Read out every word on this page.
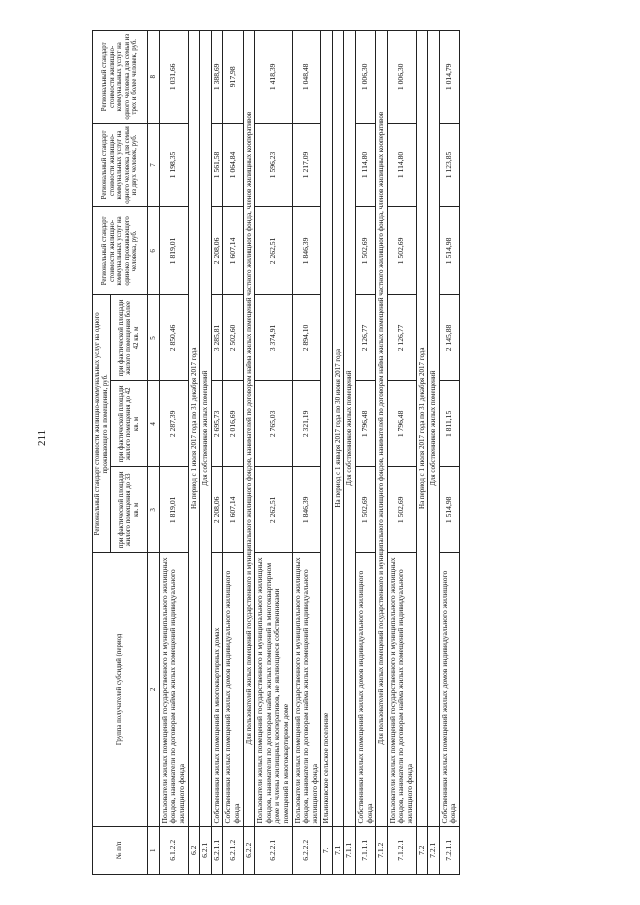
211
№ п/п	Группа получателей субсидий (период	Региональный стандарт стоимости жилищно-коммунальных услуг на одного проживающего в помещении, руб.			Региональный стандарт стоимости жилищно-коммунальных услуг на одиноко проживающего человека, руб.	Региональный стандарт стоимости жилищно-коммунальных услуг на одного человека для семьи из двух человек, руб.	Региональный стандарт стоимости жилищно-коммунальных услуг на одного человека для семьи из трех и более человек, руб.
		при фактической площади жилого помещения до 33 кв. м	при фактической площади жилого помещения до 42 кв. м	при фактической площади жилого помещения более 42 кв. м			
1	2	3	4	5	6	7	8
6.1.2.2	Пользователи жилых помещений государственного и муниципального жилищных фондов, наниматели по договорам найма жилых помещений индивидуального жилищного фонда	1 819,01	2 287,39	2 850,46	1 819,01	1 198,35	1 031,66
6.2	На период с 1 июля 2017 года по 31 декабря 2017 года						
6.2.1	Для собственников жилых помещений						
6.2.1.1	Собственники жилых помещений в многоквартирных домах	2 208,06	2 695,73	3 285,81	2 208,06	1 561,58	1 388,69
6.2.1.2	Собственники жилых помещений жилых домов индивидуального жилищного фонда	1 607,14	2 016,69	2 502,60	1 607,14	1 064,84	917,98
6.2.2	Для пользователей жилых помещений государственного и муниципального жилищного фондов, нанимателей по договорам найма жилых помещений частного жилищного фонда, членов жилищных кооперативов						
6.2.2.1	Пользователи жилых помещений государственного и муниципального жилищных фондов, наниматели по договорам найма жилых помещений в многоквартирном доме и члены жилищных кооперативов, не являющиеся собственниками помещений в многоквартирном доме	2 262,51	2 765,03	3 374,91	2 262,51	1 596,23	1 418,39
6.2.2.2	Пользователи жилых помещений государственного и муниципального жилищных фондов, наниматели по договорам найма жилых помещений индивидуального жилищного фонда	1 846,39	2 321,19	2 894,10	1 846,39	1 217,09	1 048,48
7.	Ильинковское сельское поселение						
7.1	На период с 1 января 2017 года по 30 июня 2017 года						
7.1.1	Для собственников жилых помещений						
7.1.1.1	Собственники жилых помещений жилых домов индивидуального жилищного фонда	1 502,69	1 796,48	2 126,77	1 502,69	1 114,80	1 006,30
7.1.2	Для пользователей жилых помещений государственного и муниципального жилищного фондов, нанимателей по договорам найма жилых помещений частного жилищного фонда, членов жилищных кооперативов						
7.1.2.1	Пользователи жилых помещений государственного и муниципального жилищных фондов, наниматели по договорам найма жилых помещений индивидуального жилищного фонда	1 502,69	1 796,48	2 126,77	1 502,69	1 114,80	1 006,30
7.2	На период с 1 июля 2017 года по 31 декабря 2017 года						
7.2.1	Для собственников жилых помещений						
7.2.1.1	Собственники жилых помещений жилых домов индивидуального жилищного фонда	1 514,98	1 811,15	2 145,88	1 514,98	1 123,85	1 014,79
